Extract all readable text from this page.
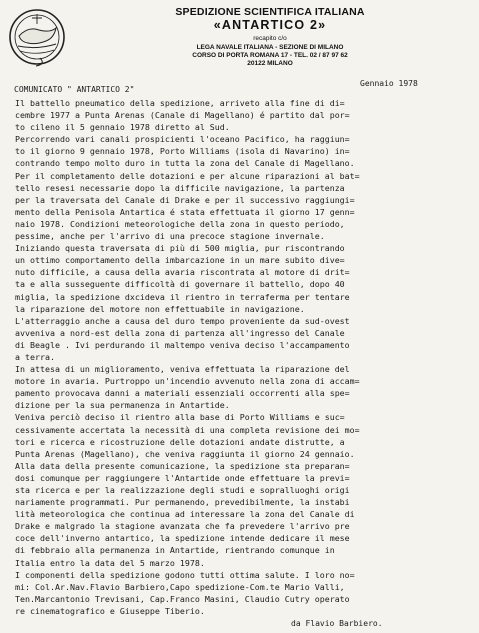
SPEDIZIONE SCIENTIFICA ITALIANA
«ANTARTICO 2»
recapito c/o
LEGA NAVALE ITALIANA - SEZIONE DI MILANO
CORSO DI PORTA ROMANA 17 - TEL. 02 / 87 97 62
20122 MILANO
COMUNICATO " ANTARTICO 2"
Gennaio 1978
Il battello pneumatico della spedizione, arriveto alla fine di di=
cembre 1977 a Punta Arenas (Canale di Magellano) é partito dal por=
to cileno il 5 gennaio 1978 diretto al Sud.
Percorrendo vari canali prospicienti l'oceano Pacifico, ha raggiun=
to il giorno 9 gennaio 1978, Porto Williams (isola di Navarino) in=
contrando tempo molto duro in tutta la zona del Canale di Magellano.
Per il completamento delle dotazioni e per alcune riparazioni al bat=
tello resesi necessarie dopo la difficile navigazione, la partenza
per la traversata del Canale di Drake e per il successivo raggiungi=
mento della Penisola Antartica é stata effettuata il giorno 17 genn=
naio 1978. Condizioni meteorologiche della zona in questo periodo,
pessime, anche per l'arrivo di una precoce stagione invernale.
Iniziando questa traversata di più di 500 miglia, pur riscontrando
un ottimo comportamento della imbarcazione in un mare subito dive=
nuto difficile, a causa della avaria riscontrata al motore di drit=
ta e alla susseguente difficoltà di governare il battello, dopo 40
miglia, la spedizione dxcideva il rientro in terraferma per tentare
la riparazione del motore non effettuabile in navigazione.
L'atterraggio anche a causa del duro tempo proveniente da sud-ovest
avveniva a nord-est della zona di partenza all'ingresso del Canale
di Beagle . Ivi perdurando il maltempo veniva deciso l'accampamento
a terra.
In attesa di un miglioramento, veniva effettuata la riparazione del
motore in avaria. Purtroppo un'incendio avvenuto nella zona di accam=
pamento provocava danni a materiali essenziali occorrenti alla spe=
dizione per la sua permanenza in Antartide.
Veniva perciò deciso il rientro alla base di Porto Williams e suc=
cessivamente accertata la necessità di una completa revisione dei mo=
tori e ricerca e ricostruzione delle dotazioni andate distrutte, a
Punta Arenas (Magellano), che veniva raggiunta il giorno 24 gennaio.
Alla data della presente comunicazione, la spedizione sta preparan=
dosi comunque per raggiungere l'Antartide onde effettuare la previ=
sta ricerca e per la realizzazione degli studi e sopralluoghi origi
nariamente programmati. Pur permanendo, prevedibilmente, la instabi
lità meteorologica che continua ad interessare la zona del Canale di
Drake e malgrado la stagione avanzata che fa prevedere l'arrivo pre
coce dell'inverno antartico, la spedizione intende dedicare il mese
di febbraio alla permanenza in Antartide, rientrando comunque in
Italia entro la data del 5 marzo 1978.
I componenti della spedizione godono tutti ottima salute. I loro no=
mi: Col.Ar.Nav.Flavio Barbiero,Capo spedizione-Com.te Mario Valli,
Ten.Marcantonio Trevisani, Cap.Franco Masini, Claudio Cutry operato
re cinematografico e Giuseppe Tiberio.
da Flavio Barbiero.
